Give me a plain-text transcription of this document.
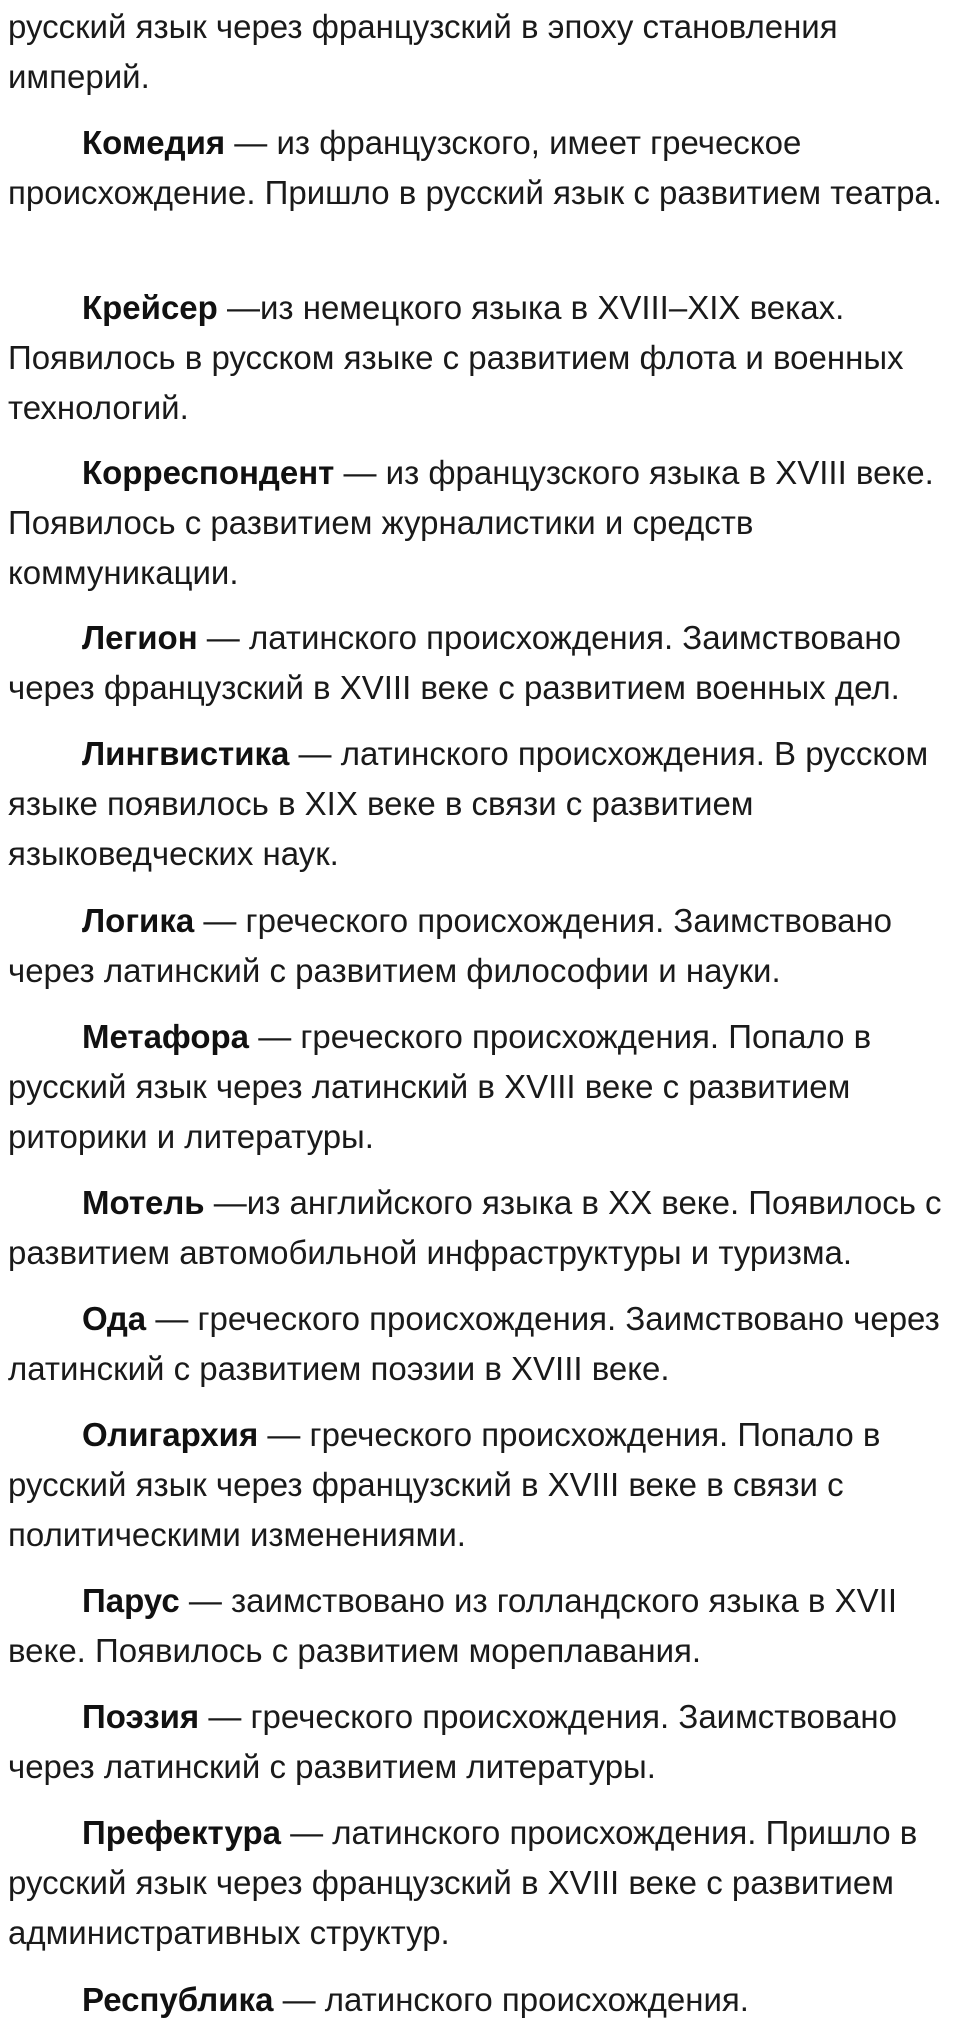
русский язык через французский в эпоху становления империй.

Комедия — из французского, имеет греческое происхождение. Пришло в русский язык с развитием театра.

Крейсер —из немецкого языка в XVIII–XIX веках. Появилось в русском языке с развитием флота и военных технологий.

Корреспондент — из французского языка в XVIII веке. Появилось с развитием журналистики и средств коммуникации.

Легион — латинского происхождения. Заимствовано через французский в XVIII веке с развитием военных дел.

Лингвистика — латинского происхождения. В русском языке появилось в XIX веке в связи с развитием языковедческих наук.

Логика — греческого происхождения. Заимствовано через латинский с развитием философии и науки.

Метафора — греческого происхождения. Попало в русский язык через латинский в XVIII веке с развитием риторики и литературы.

Мотель —из английского языка в XX веке. Появилось с развитием автомобильной инфраструктуры и туризма.

Ода — греческого происхождения. Заимствовано через латинский с развитием поэзии в XVIII веке.

Олигархия — греческого происхождения. Попало в русский язык через французский в XVIII веке в связи с политическими изменениями.

Парус — заимствовано из голландского языка в XVII веке. Появилось с развитием мореплавания.

Поэзия — греческого происхождения. Заимствовано через латинский с развитием литературы.

Префектура — латинского происхождения. Пришло в русский язык через французский в XVIII веке с развитием административных структур.

Республика — латинского происхождения.
